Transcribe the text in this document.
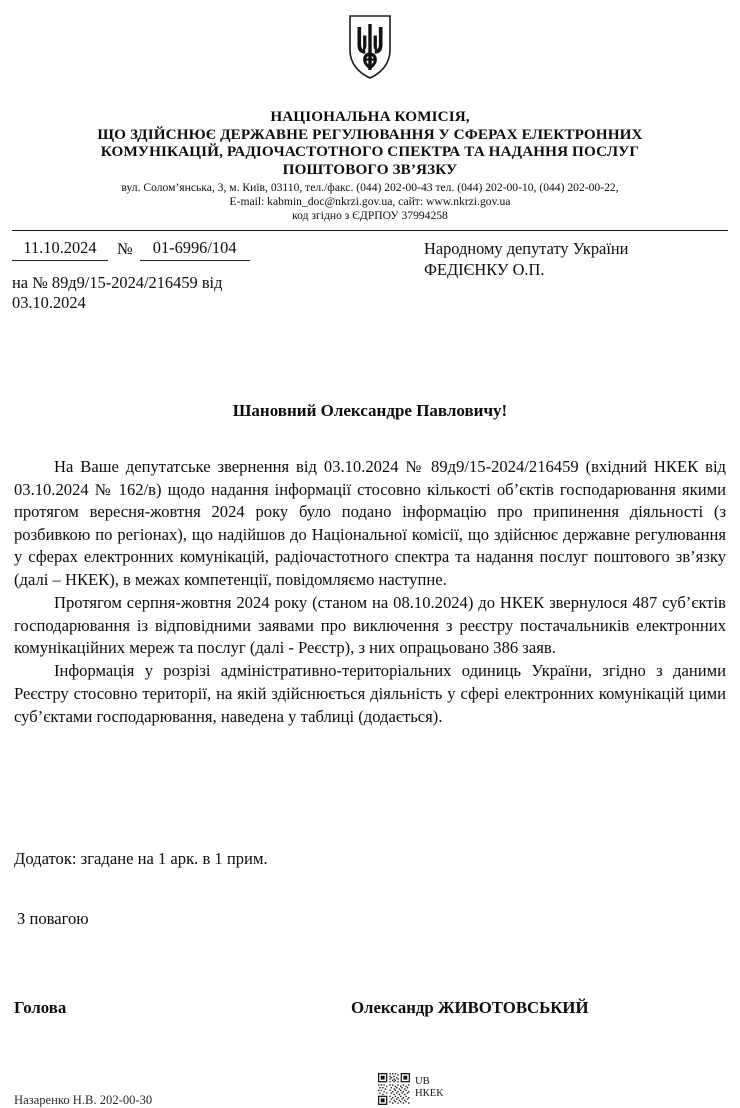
НАЦІОНАЛЬНА КОМІСІЯ,
ЩО ЗДІЙСНЮЄ ДЕРЖАВНЕ РЕГУЛЮВАННЯ У СФЕРАХ ЕЛЕКТРОННИХ
КОМУНІКАЦІЙ, РАДІОЧАСТОТНОГО СПЕКТРА ТА НАДАННЯ ПОСЛУГ
ПОШТОВОГО ЗВ’ЯЗКУ
вул. Солом’янська, 3, м. Київ, 03110, тел./факс. (044) 202-00-43 тел. (044) 202-00-10, (044) 202-00-22,
E-mail: kabmin_doc@nkrzi.gov.ua, сайт: www.nkrzi.gov.ua
код згідно з ЄДРПОУ 37994258
11.10.2024	№	01-6996/104
на № 89д9/15-2024/216459 від
03.10.2024
Народному депутату України
ФЕДІЄНКУ О.П.
Шановний Олександре Павловичу!

На Ваше депутатське звернення від 03.10.2024 № 89д9/15-2024/216459 (вхідний НКЕК від 03.10.2024 № 162/в) щодо надання інформації стосовно кількості об’єктів господарювання якими протягом вересня-жовтня 2024 року було подано інформацію про припинення діяльності (з розбивкою по регіонах), що надійшов до Національної комісії, що здійснює державне регулювання у сферах електронних комунікацій, радіочастотного спектра та надання послуг поштового зв’язку (далі – НКЕК), в межах компетенції, повідомляємо наступне.

Протягом серпня-жовтня 2024 року (станом на 08.10.2024) до НКЕК звернулося 487 суб’єктів господарювання із відповідними заявами про виключення з реєстру постачальників електронних комунікаційних мереж та послуг (далі - Реєстр), з них опрацьовано 386 заяв.

Інформація у розрізі адміністративно-територіальних одиниць України, згідно з даними Реєстру стосовно території, на якій здійснюється діяльність у сфері електронних комунікацій цими суб’єктами господарювання, наведена у таблиці (додається).

Додаток: згадане на 1 арк. в 1 прим.
З повагою
Голова	Олександр ЖИВОТОВСЬКИЙ
Назаренко Н.В. 202-00-30
UB
НКЕК
